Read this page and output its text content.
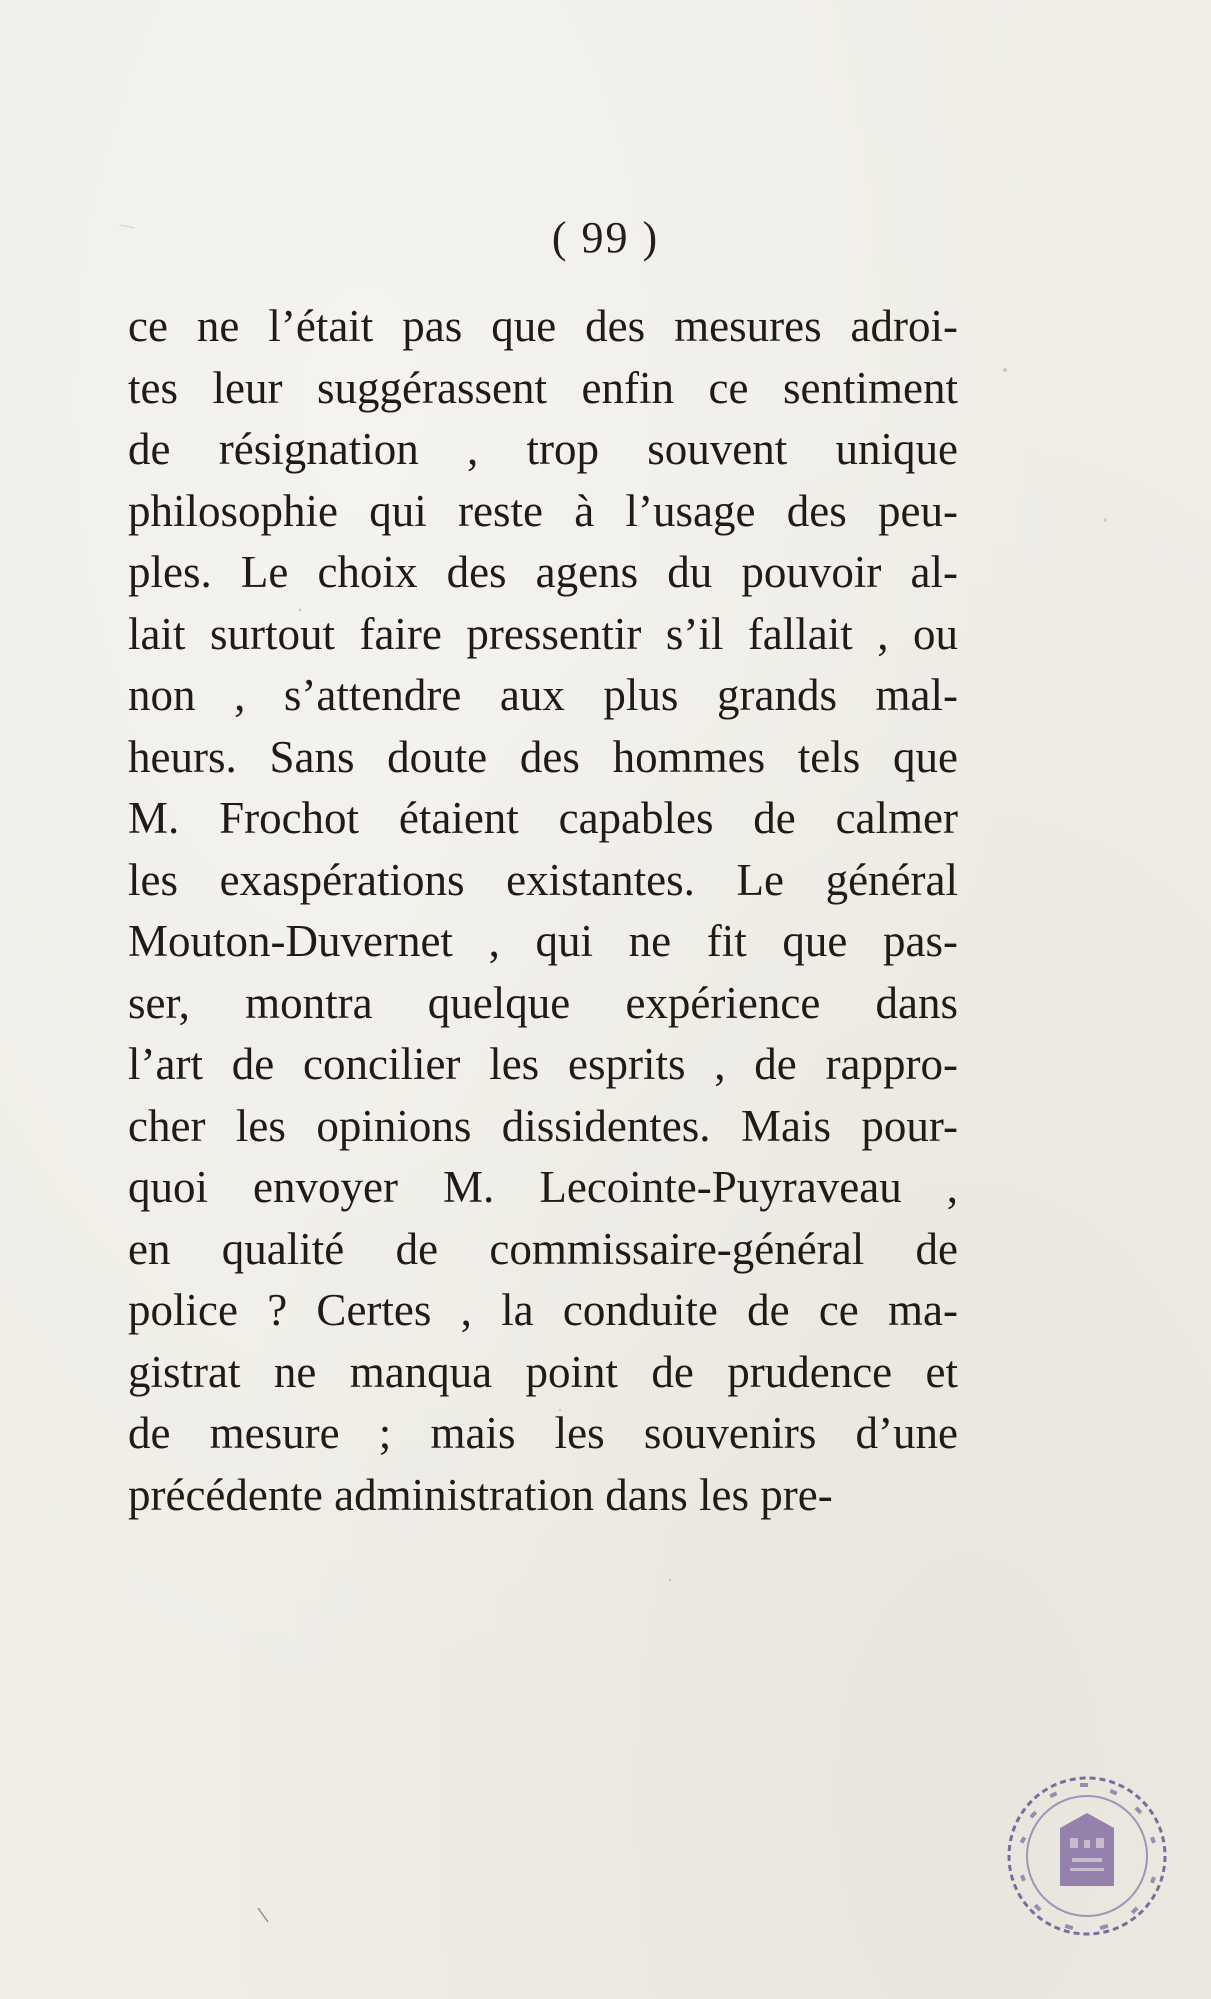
( 99 )
ce ne l’était pas que des mesures adroi-
tes leur suggérassent enfin ce sentiment
de résignation , trop souvent unique
philosophie qui reste à l’usage des peu-
ples. Le choix des agens du pouvoir al-
lait surtout faire pressentir s’il fallait , ou
non , s’attendre aux plus grands mal-
heurs. Sans doute des hommes tels que
M. Frochot étaient capables de calmer
les exaspérations existantes. Le général
Mouton-Duvernet , qui ne fit que pas-
ser, montra quelque expérience dans
l’art de concilier les esprits , de rappro-
cher les opinions dissidentes. Mais pour-
quoi envoyer M. Lecointe-Puyraveau ,
en qualité de commissaire-général de
police ? Certes , la conduite de ce ma-
gistrat ne manqua point de prudence et
de mesure ; mais les souvenirs d’une
précédente administration dans les pre-
